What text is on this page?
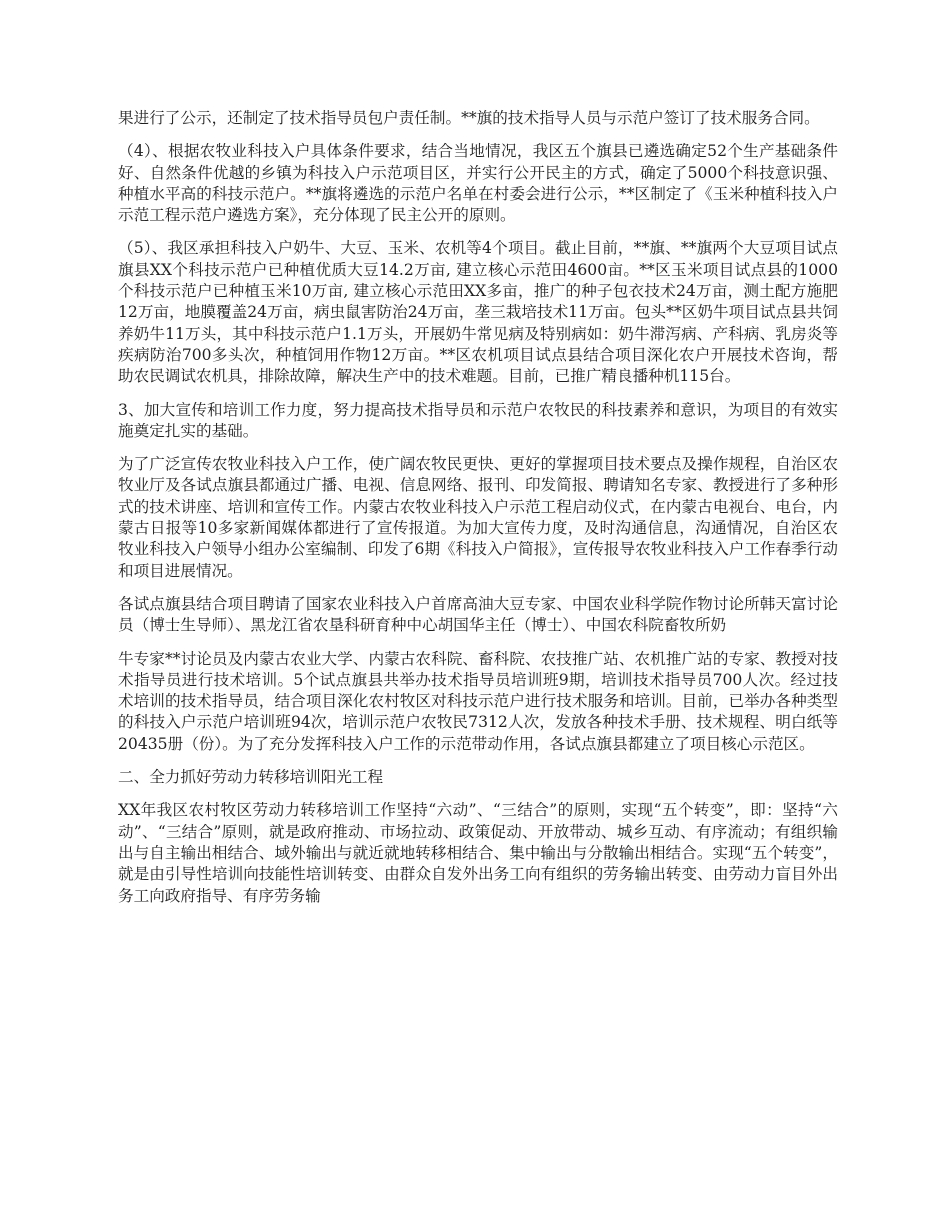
果进行了公示，还制定了技术指导员包户责任制。**旗的技术指导人员与示范户签订了技术服务合同。

（4）、根据农牧业科技入户具体条件要求，结合当地情况，我区五个旗县已遴选确定52个生产基础条件好、自然条件优越的乡镇为科技入户示范项目区，并实行公开民主的方式，确定了5000个科技意识强、种植水平高的科技示范户。**旗将遴选的示范户名单在村委会进行公示，**区制定了《玉米种植科技入户示范工程示范户遴选方案》，充分体现了民主公开的原则。

（5）、我区承担科技入户奶牛、大豆、玉米、农机等4个项目。截止目前，**旗、**旗两个大豆项目试点旗县XX个科技示范户已种植优质大豆14.2万亩, 建立核心示范田4600亩。**区玉米项目试点县的1000个科技示范户已种植玉米10万亩, 建立核心示范田XX多亩，推广的种子包衣技术24万亩，测土配方施肥12万亩，地膜覆盖24万亩，病虫鼠害防治24万亩，垄三栽培技术11万亩。包头**区奶牛项目试点县共饲养奶牛11万头，其中科技示范户1.1万头，开展奶牛常见病及特别病如：奶牛滞泻病、产科病、乳房炎等疾病防治700多头次，种植饲用作物12万亩。**区农机项目试点县结合项目深化农户开展技术咨询，帮助农民调试农机具，排除故障，解决生产中的技术难题。目前，已推广精良播种机115台。

3、加大宣传和培训工作力度，努力提高技术指导员和示范户农牧民的科技素养和意识，为项目的有效实施奠定扎实的基础。

为了广泛宣传农牧业科技入户工作，使广阔农牧民更快、更好的掌握项目技术要点及操作规程，自治区农牧业厅及各试点旗县都通过广播、电视、信息网络、报刊、印发简报、聘请知名专家、教授进行了多种形式的技术讲座、培训和宣传工作。内蒙古农牧业科技入户示范工程启动仪式，在内蒙古电视台、电台，内蒙古日报等10多家新闻媒体都进行了宣传报道。为加大宣传力度，及时沟通信息，沟通情况，自治区农牧业科技入户领导小组办公室编制、印发了6期《科技入户简报》，宣传报导农牧业科技入户工作春季行动和项目进展情况。

各试点旗县结合项目聘请了国家农业科技入户首席高油大豆专家、中国农业科学院作物讨论所韩天富讨论员（博士生导师）、黑龙江省农垦科研育种中心胡国华主任（博士）、中国农科院畜牧所奶

牛专家**讨论员及内蒙古农业大学、内蒙古农科院、畜科院、农技推广站、农机推广站的专家、教授对技术指导员进行技术培训。5个试点旗县共举办技术指导员培训班9期，培训技术指导员700人次。经过技术培训的技术指导员，结合项目深化农村牧区对科技示范户进行技术服务和培训。目前，已举办各种类型的科技入户示范户培训班94次，培训示范户农牧民7312人次，发放各种技术手册、技术规程、明白纸等20435册（份）。为了充分发挥科技入户工作的示范带动作用，各试点旗县都建立了项目核心示范区。

二、全力抓好劳动力转移培训阳光工程

XX年我区农村牧区劳动力转移培训工作坚持“六动”、“三结合”的原则，实现“五个转变”，即：坚持“六动”、“三结合”原则，就是政府推动、市场拉动、政策促动、开放带动、城乡互动、有序流动；有组织输出与自主输出相结合、域外输出与就近就地转移相结合、集中输出与分散输出相结合。实现“五个转变”，就是由引导性培训向技能性培训转变、由群众自发外出务工向有组织的劳务输出转变、由劳动力盲目外出务工向政府指导、有序劳务输
